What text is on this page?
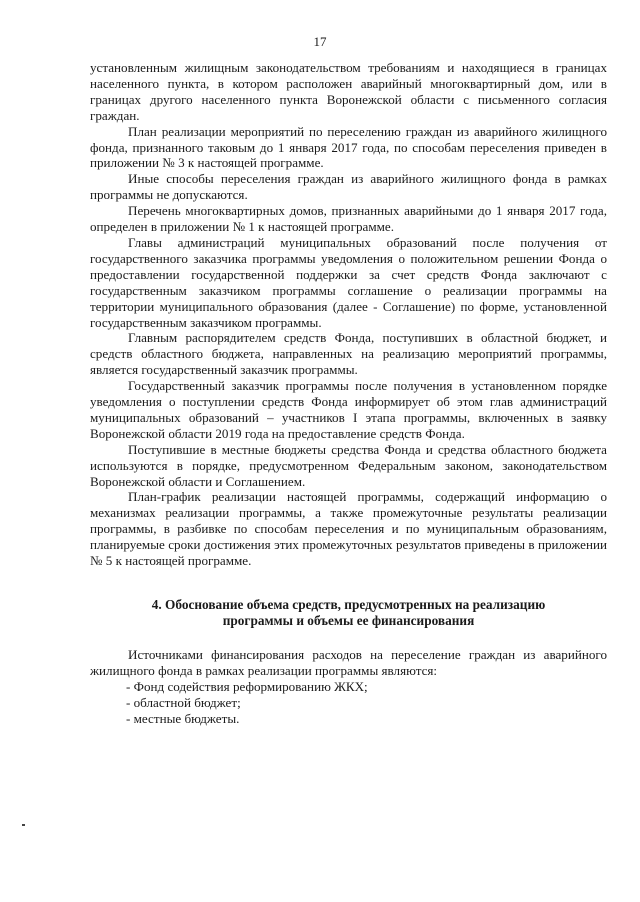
17

установленным жилищным законодательством требованиям и находящиеся в границах населенного пункта, в котором расположен аварийный многоквартирный дом, или в границах другого населенного пункта Воронежской области с письменного согласия граждан.

План реализации мероприятий по переселению граждан из аварийного жилищного фонда, признанного таковым до 1 января 2017 года, по способам переселения приведен в приложении № 3 к настоящей программе.

Иные способы переселения граждан из аварийного жилищного фонда в рамках программы не допускаются.

Перечень многоквартирных домов, признанных аварийными до 1 января 2017 года, определен в приложении № 1 к настоящей программе.

Главы администраций муниципальных образований после получения от государственного заказчика программы уведомления о положительном решении Фонда о предоставлении государственной поддержки за счет средств Фонда заключают с государственным заказчиком программы соглашение о реализации программы на территории муниципального образования (далее - Соглашение) по форме, установленной государственным заказчиком программы.

Главным распорядителем средств Фонда, поступивших в областной бюджет, и средств областного бюджета, направленных на реализацию мероприятий программы, является государственный заказчик программы.

Государственный заказчик программы после получения в установленном порядке уведомления о поступлении средств Фонда информирует об этом глав администраций муниципальных образований – участников I этапа программы, включенных в заявку Воронежской области 2019 года на предоставление средств Фонда.

Поступившие в местные бюджеты средства Фонда и средства областного бюджета используются в порядке, предусмотренном Федеральным законом, законодательством Воронежской области и Соглашением.

План-график реализации настоящей программы, содержащий информацию о механизмах реализации программы, а также промежуточные результаты реализации программы, в разбивке по способам переселения и по муниципальным образованиям, планируемые сроки достижения этих промежуточных результатов приведены в приложении № 5 к настоящей программе.

4. Обоснование объема средств, предусмотренных на реализацию
программы и объемы ее финансирования

Источниками финансирования расходов на переселение граждан из аварийного жилищного фонда в рамках реализации программы являются:

- Фонд содействия реформированию ЖКХ;
- областной бюджет;
- местные бюджеты.
